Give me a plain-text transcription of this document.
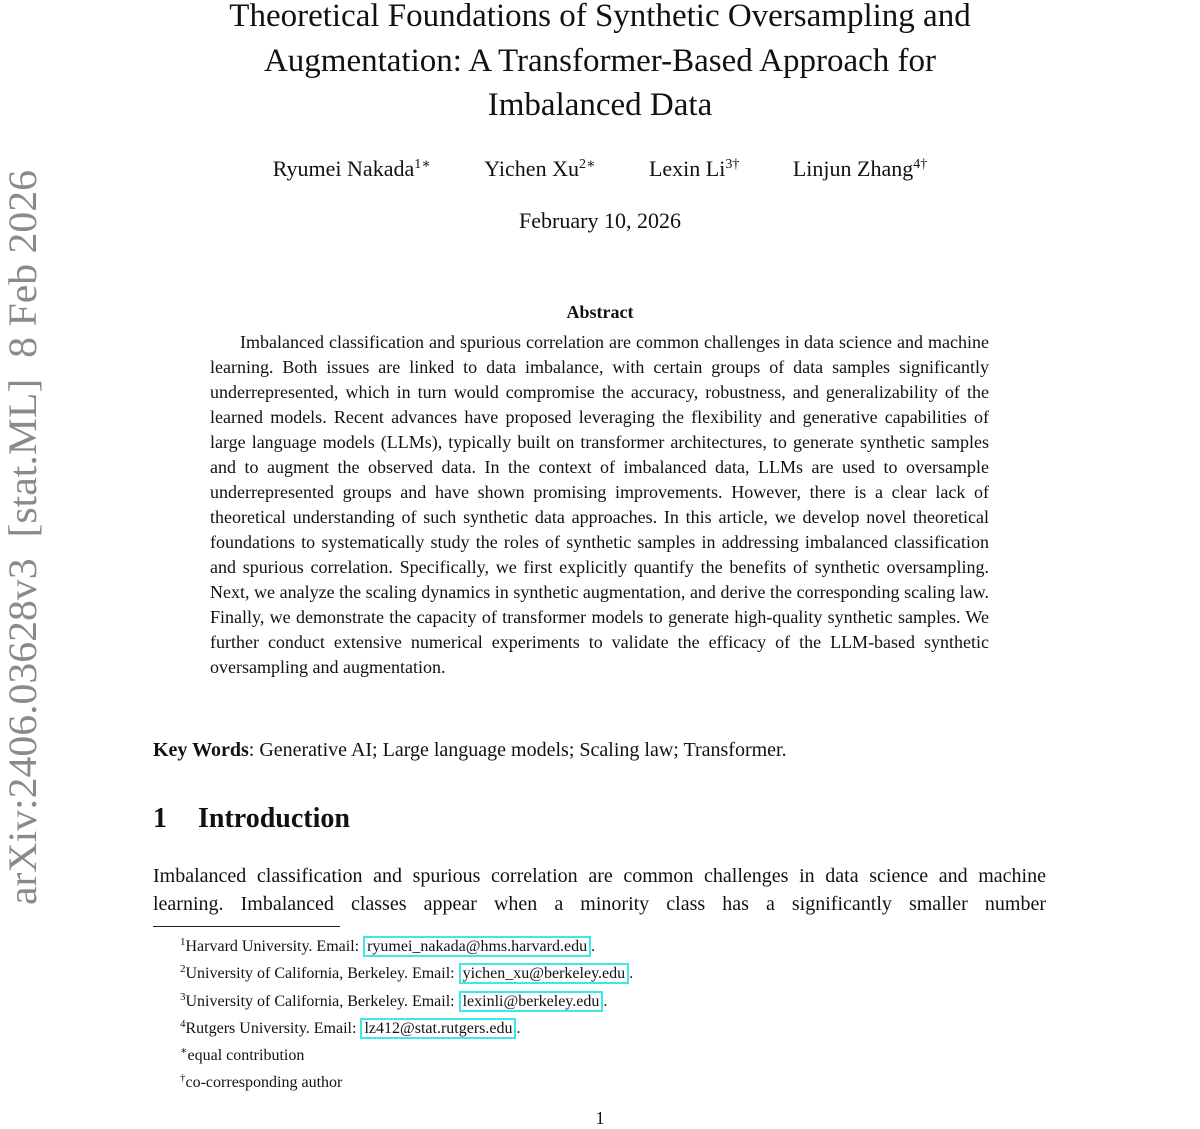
arXiv:2406.03628v3  [stat.ML]  8 Feb 2026
Theoretical Foundations of Synthetic Oversampling and
Augmentation: A Transformer-Based Approach for
Imbalanced Data
Ryumei Nakada$^{1∗}$ Yichen $Xu^{2∗}$ Lexin $Li^{3\dagger}$ Linjun Zhang$^{4\dagger}$
February 10, 2026
Abstract

Imbalanced classification and spurious correlation are common challenges in data science and machine learning. Both issues are linked to data imbalance, with certain groups of data samples significantly underrepresented, which in turn would compromise the accuracy, robustness, and generalizability of the learned models. Recent advances have proposed leveraging the flexibility and generative capabilities of large language models (LLMs), typically built on transformer architectures, to generate synthetic samples and to augment the observed data. In the context of imbalanced data, LLMs are used to oversample underrepresented groups and have shown promising improvements. However, there is a clear lack of theoretical understanding of such synthetic data approaches. In this article, we develop novel theoretical foundations to systematically study the roles of synthetic samples in addressing imbalanced classification and spurious correlation. Specifically, we first explicitly quantify the benefits of synthetic oversampling. Next, we analyze the scaling dynamics in synthetic augmentation, and derive the corresponding scaling law. Finally, we demonstrate the capacity of transformer models to generate high-quality synthetic samples. We further conduct extensive numerical experiments to validate the efficacy of the LLM-based synthetic oversampling and augmentation.

Key Words: Generative AI; Large language models; Scaling law; Transformer.
1 Introduction

Imbalanced classification and spurious correlation are common challenges in data science and machine learning. Imbalanced classes appear when a minority class has a significantly smaller number

$^1$Harvard University. Email: ryumei_nakada@hms.harvard.edu .
$^2$University of California, Berkeley. Email: yichen_xu@berkeley.edu .
$^3$University of California, Berkeley. Email: lexinli@berkeley.edu .
$^4$Rutgers University. Email: lz412@stat.rutgers.edu .
∗equal contribution
†co-corresponding author
1
